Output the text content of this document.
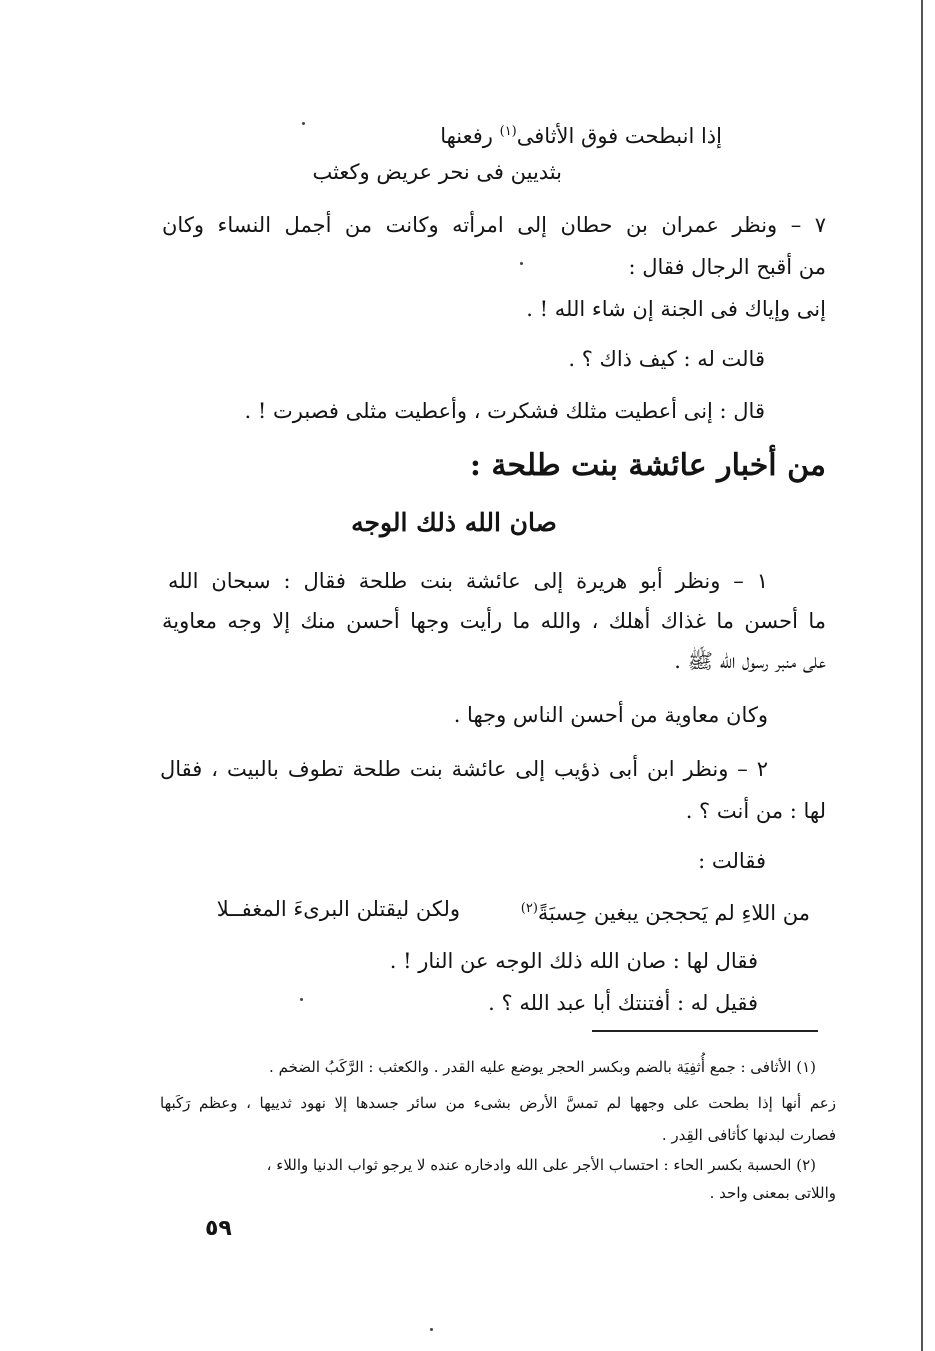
إذا انبطحت فوق الأثافى$^{(١)}$ رفعنها
بثديين فى نحر عريض وكعثب
٧ – ونظر عمران بن حطان إلى امرأته وكانت من أجمل النساء وكان
من أقبح الرجال فقال :
إنى وإياك فى الجنة إن شاء الله ! .
قالت له : كيف ذاك ؟ .
قال : إنى أعطيت مثلك فشكرت ، وأعطيت مثلى فصبرت ! .
من أخبار عائشة بنت طلحة :
صان الله ذلك الوجه
١ – ونظر أبو هريرة إلى عائشة بنت طلحة فقال : سبحان الله
ما أحسن ما غذاك أهلك ، والله ما رأيت وجها أحسن منك إلا وجه معاوية
على منبر رسول الله ﷺ .
وكان معاوية من أحسن الناس وجها .
٢ – ونظر ابن أبى ذؤيب إلى عائشة بنت طلحة تطوف بالبيت ، فقال
لها : من أنت ؟ .
فقالت :
من اللاءِ لم يَحججن يبغين حِسبَةً$^{(٢)}$
ولكن ليقتلن البرىءَ المغفــلا
فقال لها : صان الله ذلك الوجه عن النار ! .
فقيل له : أفتنتك أبا عبد الله ؟ .
(١) الأثافى : جمع أُثفِيَة بالضم وبكسر الحجر يوضع عليه القدر . والكعثب : الرَّكَبُ الضخم .
زعم أنها إذا بطحت على وجهها لم تمسَّ الأرض بشىء من سائر جسدها إلا نهود ثدييها ، وعظم رَكَبها
فصارت لبدنها كأثافى القِدر .
(٢) الحسبة بكسر الحاء : احتساب الأجر على الله وادخاره عنده لا يرجو ثواب الدنيا واللاء ،
واللاتى بمعنى واحد .
٥٩
